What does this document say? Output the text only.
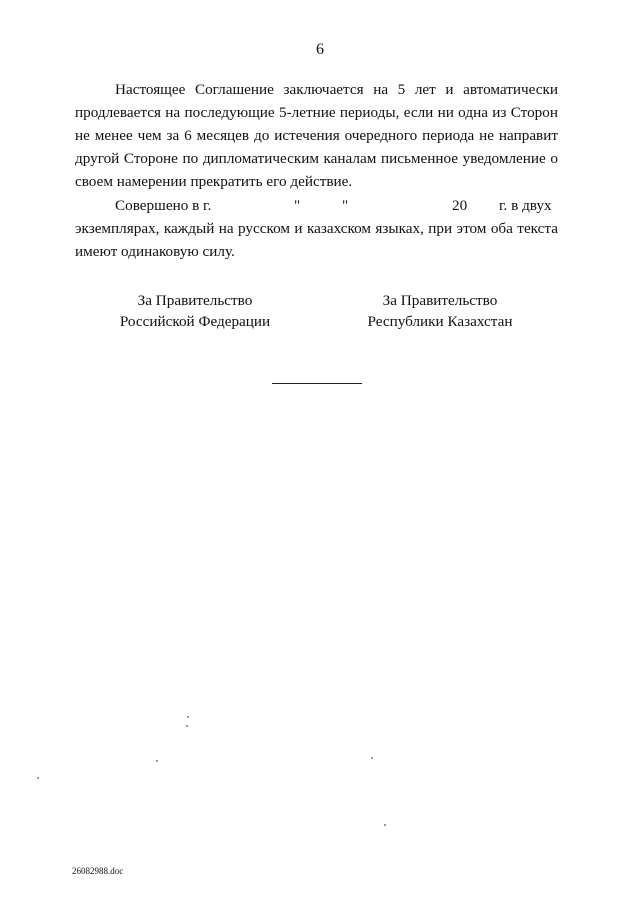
6
Настоящее Соглашение заключается на 5 лет и автоматически
продлевается на последующие 5-летние периоды, если ни одна из Сторон
не менее чем за 6 месяцев до истечения очередного периода не направит
другой Стороне по дипломатическим каналам письменное уведомление о
своем намерении прекратить его действие.
Совершено в г.	"	"	20 г. в двух
экземплярах, каждый на русском и казахском языках, при этом оба текста
имеют одинаковую силу.
За Правительство
Российской Федерации
За Правительство
Республики Казахстан
26082988.doc
